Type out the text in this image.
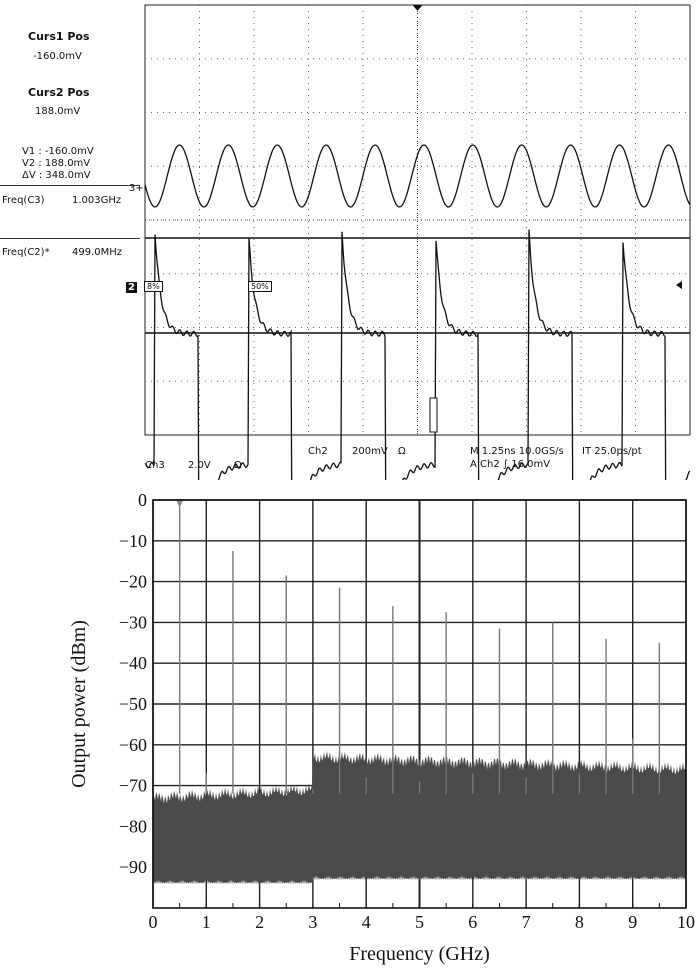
Curs1 Pos
-160.0mV
Curs2 Pos
188.0mV
V1 : -160.0mV
V2 : 188.0mV
ΔV : 348.0mV
Freq(C3)	1.003GHz
Freq(C2)* 499.0MHz
3+
2	8%	50%
Ch2 200mV Ω
Ch3 2.0V Ω
M 1.25ns 10.0GS/s IT 25.0ps/pt
A Ch2 ∫ 16.0mV
0 1 2 3 4 5 6 7 8 9 10
0
−10
−20
−30
−40
−50
−60
−70
−80
−90
Frequency (GHz)
Output power (dBm)
